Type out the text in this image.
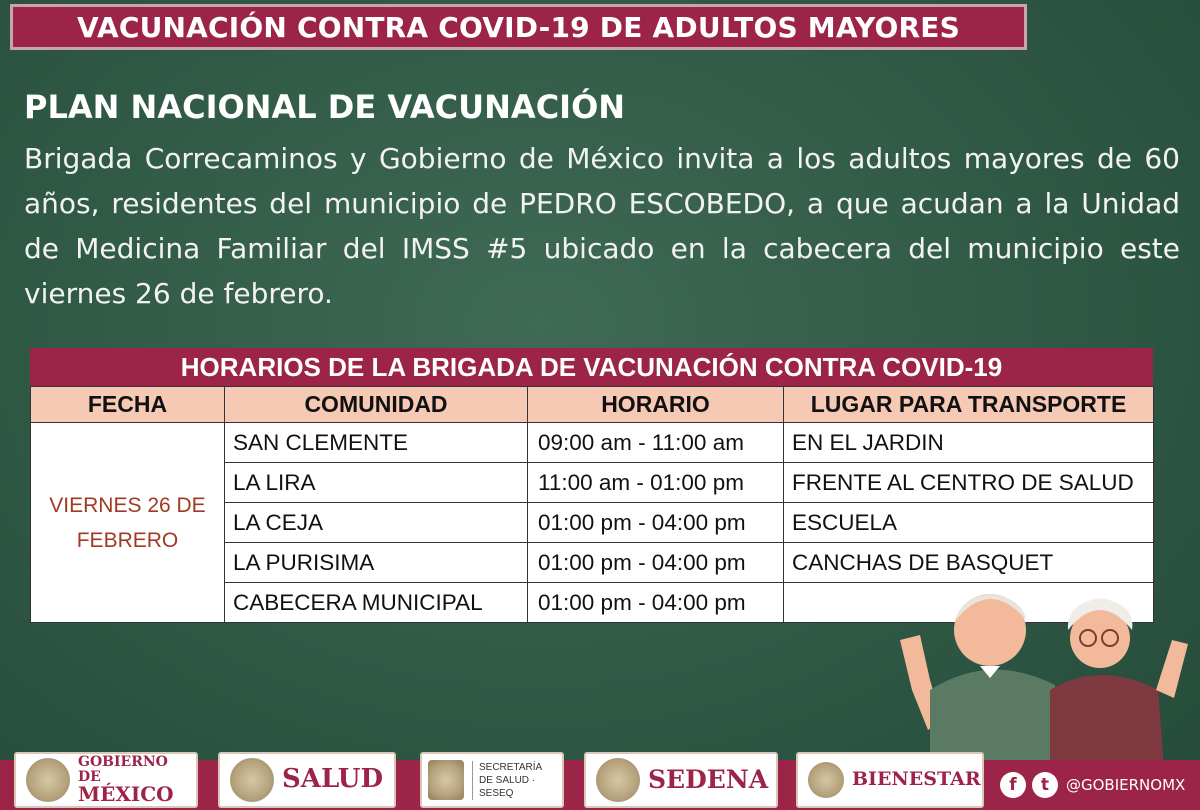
VACUNACIÓN CONTRA COVID-19 DE ADULTOS MAYORES
PLAN NACIONAL DE VACUNACIÓN

Brigada Correcaminos y Gobierno de México invita a los adultos mayores de 60 años, residentes del municipio de PEDRO ESCOBEDO, a que acudan a la Unidad de Medicina Familiar del IMSS #5 ubicado en la cabecera del municipio este viernes 26 de febrero.

HORARIOS DE LA BRIGADA DE VACUNACIÓN CONTRA COVID-19
FECHA	COMUNIDAD	HORARIO	LUGAR PARA TRANSPORTE
VIERNES 26 DE FEBRERO	SAN CLEMENTE	09:00 am - 11:00 am	EN EL JARDIN
	LA LIRA	11:00 am - 01:00 pm	FRENTE AL CENTRO DE SALUD
	LA CEJA	01:00 pm - 04:00 pm	ESCUELA
	LA PURISIMA	01:00 pm - 04:00 pm	CANCHAS DE BASQUET
	CABECERA MUNICIPAL	01:00 pm - 04:00 pm	
GOBIERNO DE
MÉXICO	SALUD	SECRETARÍA
DE SALUD · SESEQ	SEDENA	BIENESTAR	f	t	@GOBIERNOMX
